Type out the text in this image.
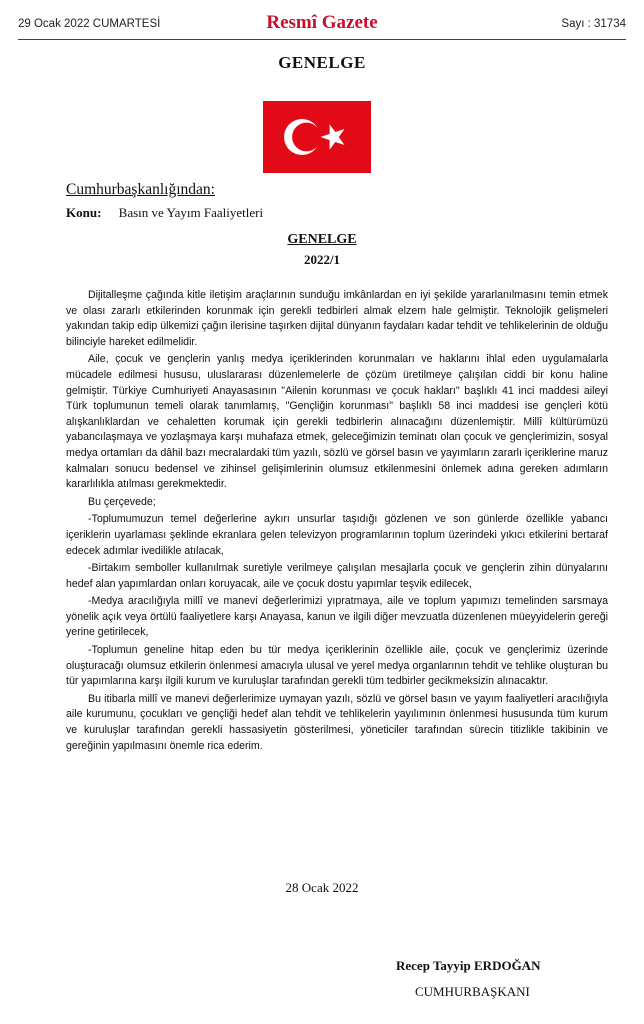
29 Ocak 2022 CUMARTESİ	Resmî Gazete	Sayı : 31734
GENELGE
Cumhurbaşkanlığından:
Konu: Basın ve Yayım Faaliyetleri
GENELGE
2022/1

Dijitalleşme çağında kitle iletişim araçlarının sunduğu imkânlardan en iyi şekilde yararlanılmasını temin etmek ve olası zararlı etkilerinden korunmak için gerekli tedbirleri almak elzem hale gelmiştir. Teknolojik gelişmeleri yakından takip edip ülkemizi çağın ilerisine taşırken dijital dünyanın faydaları kadar tehdit ve tehlikelerinin de olduğu bilinciyle hareket edilmelidir.

Aile, çocuk ve gençlerin yanlış medya içeriklerinden korunmaları ve haklarını ihlal eden uygulamalarla mücadele edilmesi hususu, uluslararası düzenlemelerle de çözüm üretilmeye çalışılan ciddi bir konu haline gelmiştir. Türkiye Cumhuriyeti Anayasasının "Ailenin korunması ve çocuk hakları" başlıklı 41 inci maddesi aileyi Türk toplumunun temeli olarak tanımlamış, "Gençliğin korunması" başlıklı 58 inci maddesi ise gençleri kötü alışkanlıklardan ve cehaletten korumak için gerekli tedbirlerin alınacağını düzenlemiştir. Millî kültürümüzü yabancılaşmaya ve yozlaşmaya karşı muhafaza etmek, geleceğimizin teminatı olan çocuk ve gençlerimizin, sosyal medya ortamları da dâhil bazı mecralardaki tüm yazılı, sözlü ve görsel basın ve yayımların zararlı içeriklerine maruz kalmaları sonucu bedensel ve zihinsel gelişimlerinin olumsuz etkilenmesini önlemek adına gereken adımların kararlılıkla atılması gerekmektedir.

Bu çerçevede;

-Toplumumuzun temel değerlerine aykırı unsurlar taşıdığı gözlenen ve son günlerde özellikle yabancı içeriklerin uyarlaması şeklinde ekranlara gelen televizyon programlarının toplum üzerindeki yıkıcı etkilerini bertaraf edecek adımlar ivedilikle atılacak,

-Birtakım semboller kullanılmak suretiyle verilmeye çalışılan mesajlarla çocuk ve gençlerin zihin dünyalarını hedef alan yapımlardan onları koruyacak, aile ve çocuk dostu yapımlar teşvik edilecek,

-Medya aracılığıyla millî ve manevi değerlerimizi yıpratmaya, aile ve toplum yapımızı temelinden sarsmaya yönelik açık veya örtülü faaliyetlere karşı Anayasa, kanun ve ilgili diğer mevzuatla düzenlenen müeyyidelerin gereği yerine getirilecek,

-Toplumun geneline hitap eden bu tür medya içeriklerinin özellikle aile, çocuk ve gençlerimiz üzerinde oluşturacağı olumsuz etkilerin önlenmesi amacıyla ulusal ve yerel medya organlarının tehdit ve tehlike oluşturan bu tür yapımlarına karşı ilgili kurum ve kuruluşlar tarafından gerekli tüm tedbirler gecikmeksizin alınacaktır.

Bu itibarla millî ve manevi değerlerimize uymayan yazılı, sözlü ve görsel basın ve yayım faaliyetleri aracılığıyla aile kurumunu, çocukları ve gençliği hedef alan tehdit ve tehlikelerin yayılımının önlenmesi hususunda tüm kurum ve kuruluşlar tarafından gerekli hassasiyetin gösterilmesi, yöneticiler tarafından sürecin titizlikle takibinin ve gereğinin yapılmasını önemle rica ederim.

28 Ocak 2022
Recep Tayyip ERDOĞAN
CUMHURBAŞKANI
